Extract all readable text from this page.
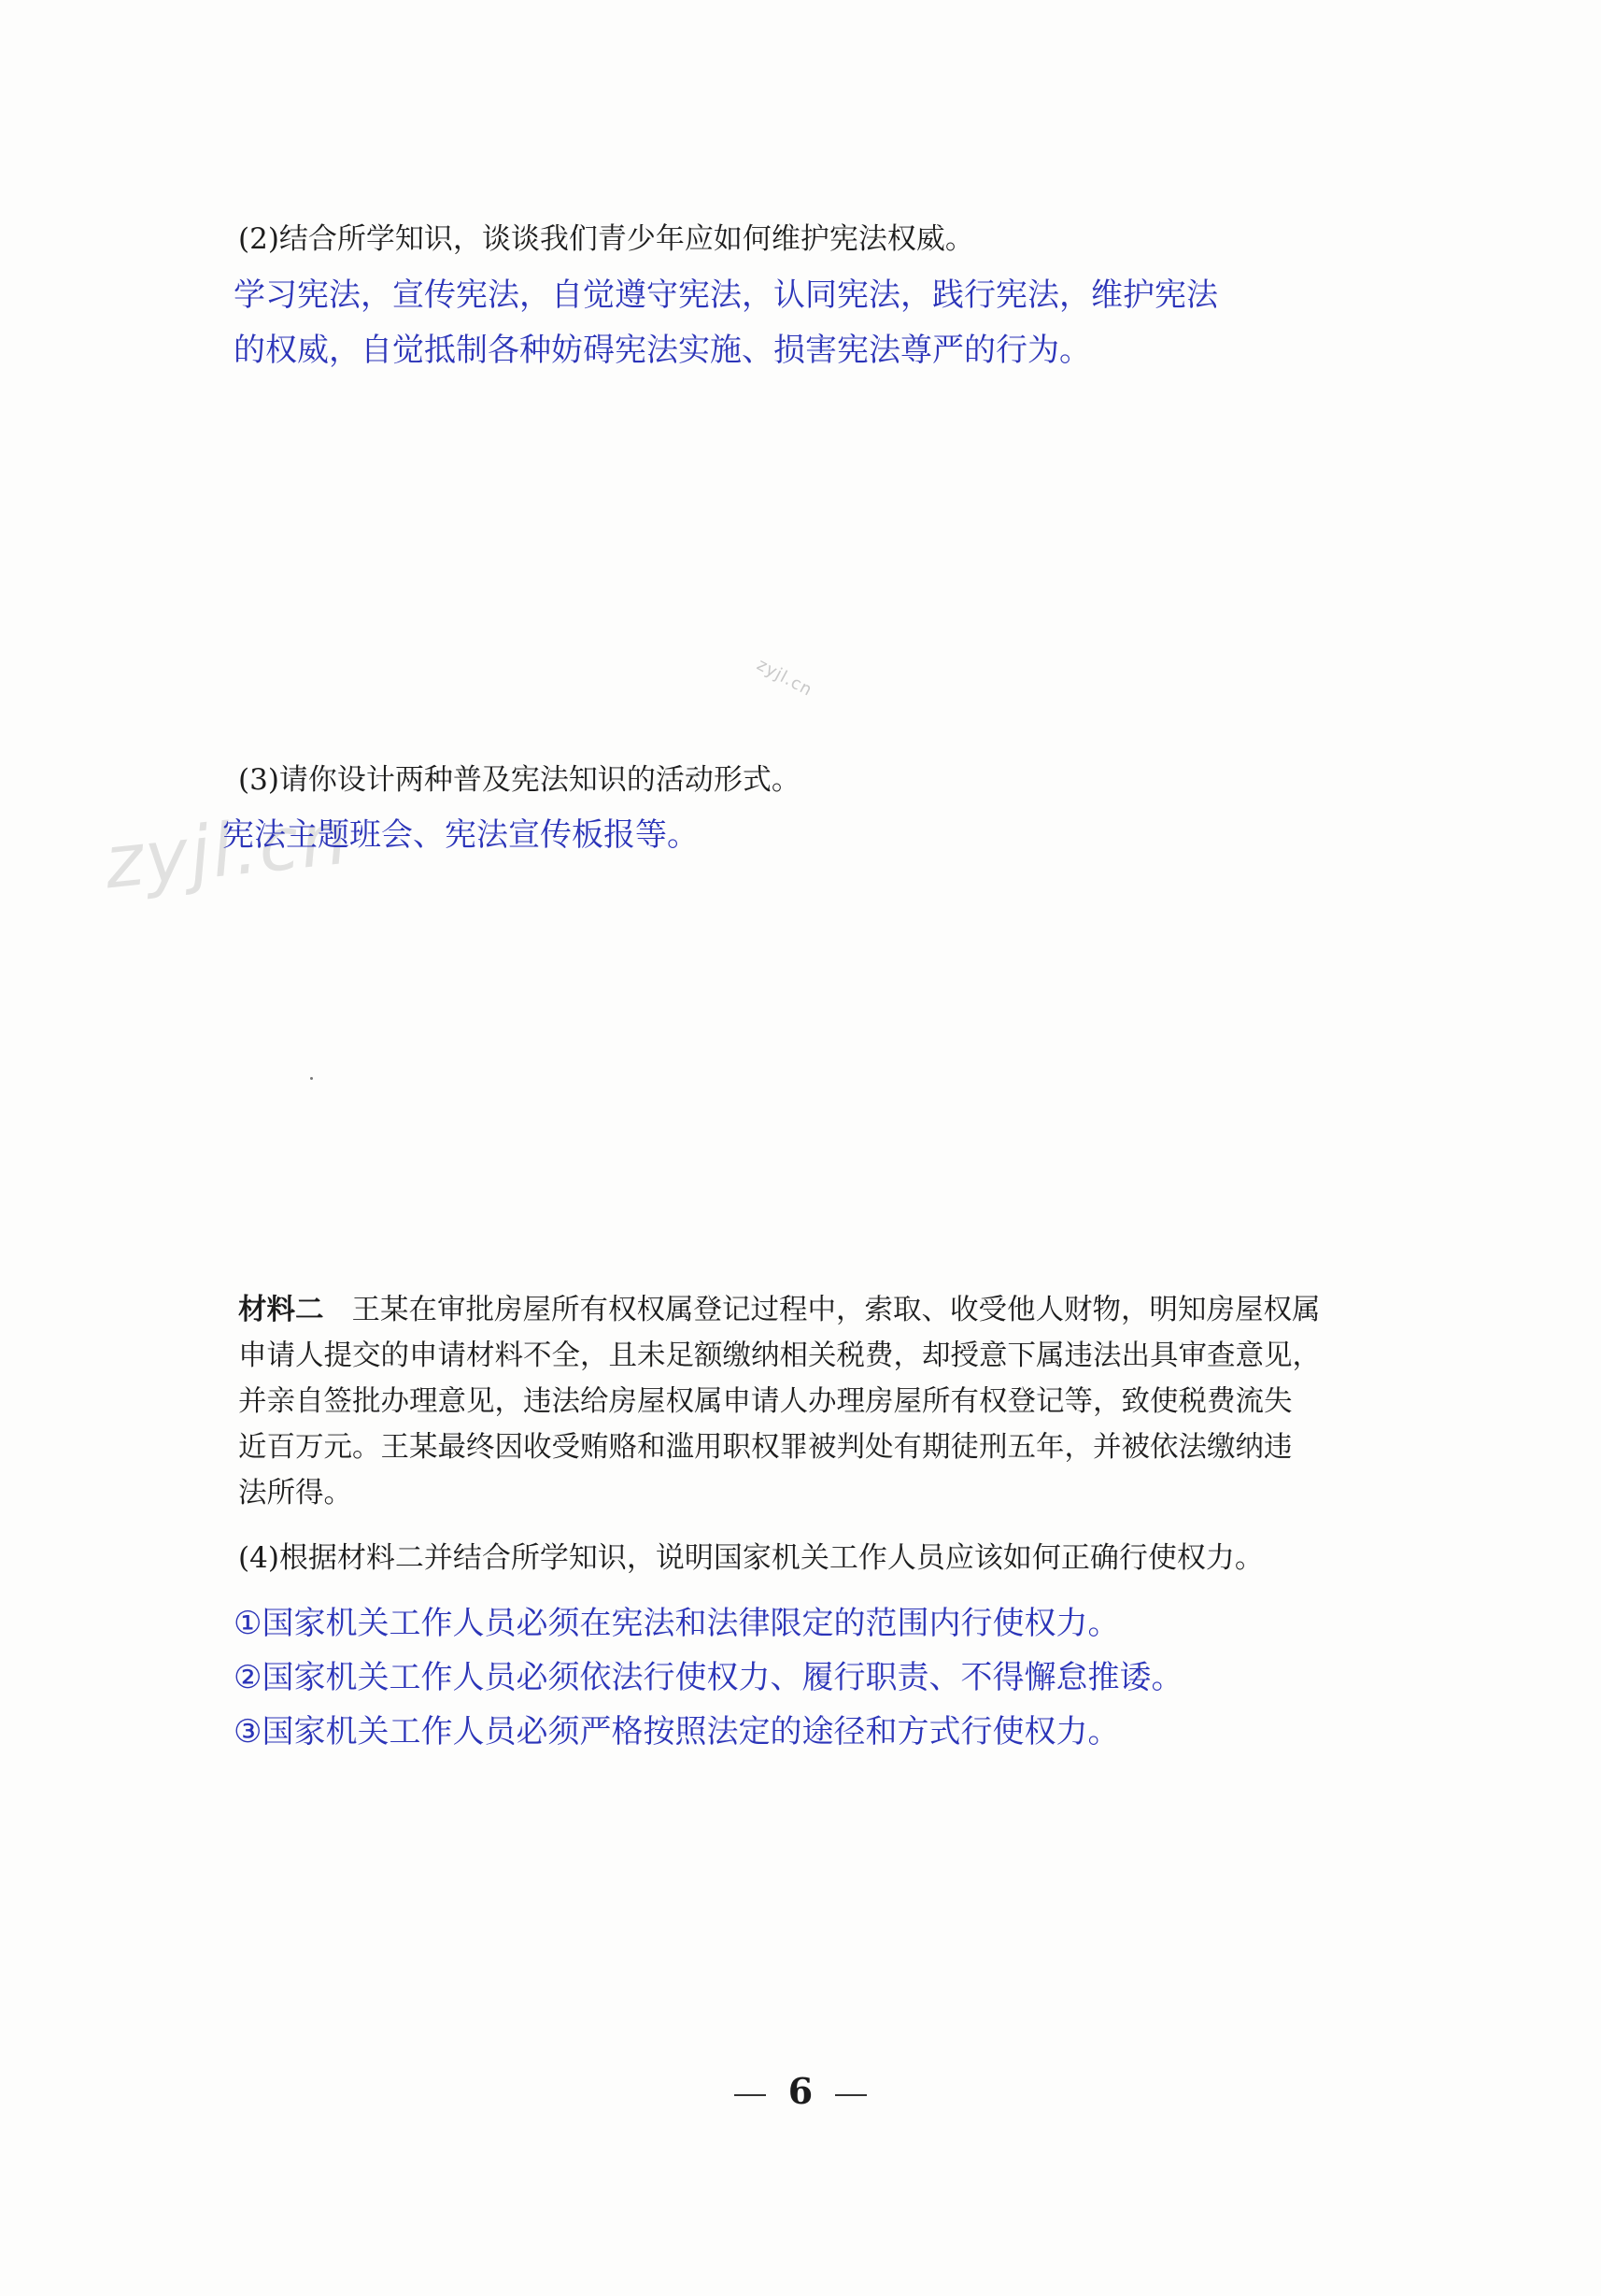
(2)结合所学知识，谈谈我们青少年应如何维护宪法权威。
学习宪法，宣传宪法，自觉遵守宪法，认同宪法，践行宪法，维护宪法
的权威，自觉抵制各种妨碍宪法实施、损害宪法尊严的行为。
zyjl.cn
(3)请你设计两种普及宪法知识的活动形式。
zyjl.cn
宪法主题班会、宪法宣传板报等。
材料二 王某在审批房屋所有权权属登记过程中，索取、收受他人财物，明知房屋权属
申请人提交的申请材料不全，且未足额缴纳相关税费，却授意下属违法出具审查意见，
并亲自签批办理意见，违法给房屋权属申请人办理房屋所有权登记等，致使税费流失
近百万元。王某最终因收受贿赂和滥用职权罪被判处有期徒刑五年，并被依法缴纳违
法所得。
(4)根据材料二并结合所学知识，说明国家机关工作人员应该如何正确行使权力。
①国家机关工作人员必须在宪法和法律限定的范围内行使权力。
②国家机关工作人员必须依法行使权力、履行职责、不得懈怠推诿。
③国家机关工作人员必须严格按照法定的途径和方式行使权力。
6
